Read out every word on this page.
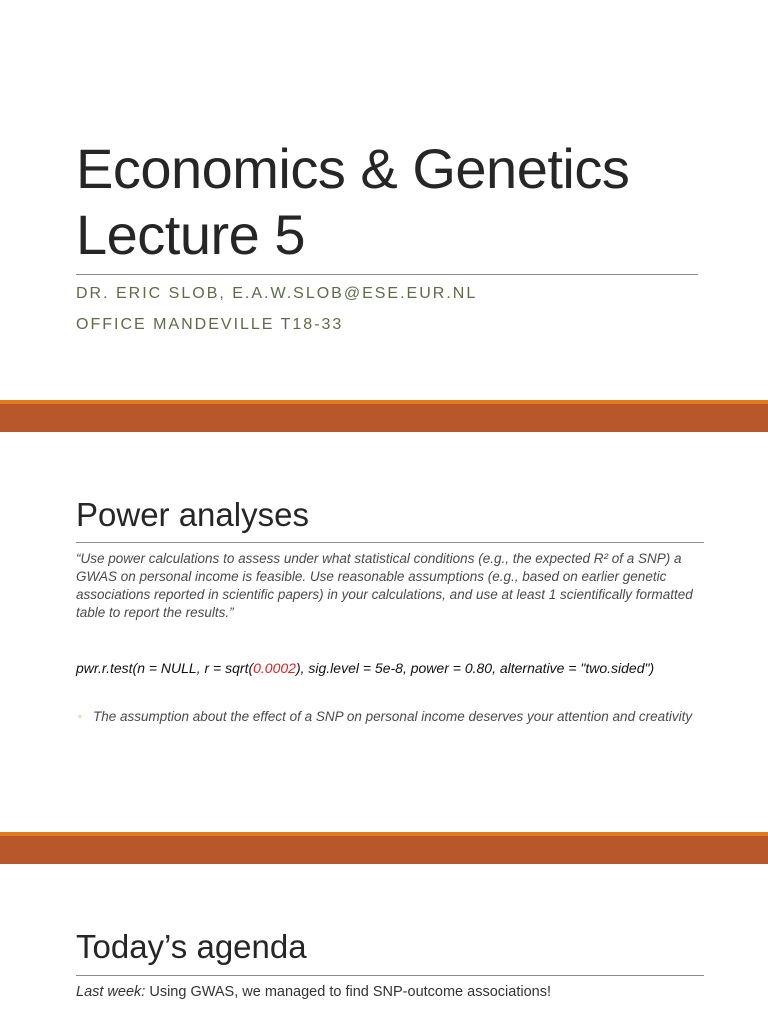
Economics & Genetics
Lecture 5
DR. ERIC SLOB, E.A.W.SLOB@ESE.EUR.NL
OFFICE MANDEVILLE T18-33
Power analyses
“Use power calculations to assess under what statistical conditions (e.g., the expected R² of a SNP) a GWAS on personal income is feasible. Use reasonable assumptions (e.g., based on earlier genetic associations reported in scientific papers) in your calculations, and use at least 1 scientifically formatted table to report the results.”
pwr.r.test(n = NULL, r = sqrt(0.0002), sig.level = 5e-8, power = 0.80, alternative = "two.sided")
◦ The assumption about the effect of a SNP on personal income deserves your attention and creativity
Today’s agenda
Last week: Using GWAS, we managed to find SNP-outcome associations!
